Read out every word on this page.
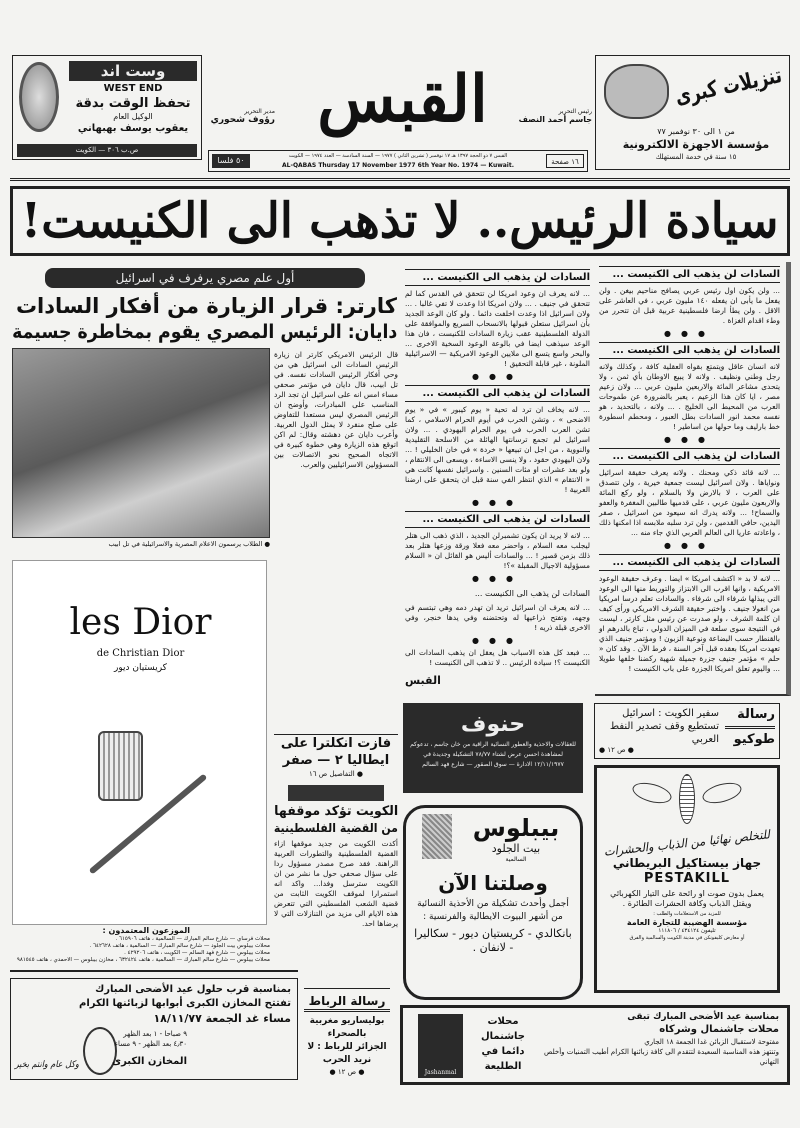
وست اند
WEST END
تحفظ الوقت بدقة
الوكيل العام
يعقوب يوسف بهبهاني
ص.ب ٣٠٦ — الكويت
مدير التحرير
رؤوف شحوري القبس	رئيس التحرير
جاسم أحمد النصف
٥٠ فلسا	١٦ صفحة
القبس ٧ ذو الحجة ١٣٩٧ هـ ١٧ نوفمبر ( تشرين الثاني ) ١٩٧٧ — السنة السادسة — العدد ١٩٧٤ — الكويت
AL-QABAS Thursday 17 November 1977 6th Year No. 1974 — Kuwait.
تنزيلات كبرى
من ١ الى ٣٠ نوفمبر ٧٧
مؤسسة الاجهزة الالكترونية
١٥ سنة في خدمة المستهلك
سيادة الرئيس.. لا تذهب الى الكنيست!
أول علم مصري يرفرف في اسرائيل
كارتر: قرار الزيارة من أفكار السادات
دايان: الرئيس المصري يقوم بمخاطرة جسيمة
● الطلاب يرسمون الاعلام المصرية والاسرائيلية في تل ابيب
قال الرئيس الامريكي كارتر ان زيارة الرئيس السادات الى اسرائيل هي من وحي أفكار الرئيس السادات نفسه. في تل ابيب، قال دايان في مؤتمر صحفي مساء امس انه على اسرائيل ان تجد الرد المناسب على المبادرات، وأوضح ان الرئيس المصري ليس مستعدا للتفاوض على صلح منفرد لا يمثل الدول العربية. وأعرب دايان عن دهشته وقال: لم اكن اتوقع هذه الزيارة وهي خطوة كبيرة في الاتجاه الصحيح نحو الاتصالات بين المسؤولين الاسرائيليين والعرب.
فازت انكلترا على
ايطاليا ٢ — صفر
● التفاصيل ص ١٦
الكويت تؤكد موقفها
من القضية الفلسطينية
أكدت الكويت من جديد موقفها ازاء القضية الفلسطينية والتطورات العربية الراهنة. فقد صرح مصدر مسؤول ردا على سؤال صحفي حول ما نشر من ان الكويت سترسل وفدا... واكد انه استمرارا لموقف الكويت الثابت من قضية الشعب الفلسطيني التي تتعرض هذه الايام الى مزيد من التنازلات التي لا يرضاها احد.
les Dior
de Christian Dior
كريستيان ديور
الموزعون المعتمدون :
محلات فرساي — شارع سالم المبارك — السالمية ، هاتف ٦١٥٩٠٦ .
محلات بيبلوس بيت الجلود — شارع سالم المبارك — السالمية ، هاتف ٦٤٢٦٢٨ .
محلات بيبلوس — شارع فهد السالم — الكويت ، هاتف ٤٢٩٢٠٦ .
محلات بيبلوس — شارع سالم المبارك — السالمية ، هاتف ٦٣٢٤٢٤ ، مخازن بيبلوس — الاحمدي ، هاتف ٩٨١٥٤٥
السادات لن يذهب الى الكنيست ...
... لانه يعرف ان وعود امريكا لن تتحقق في القدس كما لم تتحقق في جنيف . ... ولان امريكا اذا وعدت لا تفي غالبا . ... ولان اسرائيل اذا وعدت اخلفت دائما . ولو كان الوعد الجديد بأن اسرائيل ستعلن قبولها بالانسحاب السريع والموافقة على الدولة الفلسطينية عقب زيارة السادات للكنيست ، فان هذا الوعد سيذهب ايضا في بالوعة الوعود السخية الاخرى ... والبحر واسع يتسع الى ملايين الوعود الامريكية — الاسرائيلية الملونة ، غير قابلة التحقيق !
●●●
السادات لن يذهب الى الكنيست ...
... لانه يخاف ان ترد له تحية « يوم كيبور » في « يوم الاضحى » ، وتشن الحرب في أيوم الحرام الاسلامي ، كما تشن العرب الحرب في يوم الحرام اليهودي . ... ولان اسرائيل لم تجمع ترسانتها الهائلة من الاسلحة التقليدية والنووية ، من اجل ان تبيعها « خردة » في خان الخليلي ! ... ولان اليهودي حقود ، ولا ينسى الاساءة ، ويسعى الى الانتقام ، ولو بعد عشرات او مئات السنين . واسرائيل نفسها كانت هي « الانتقام » الذي انتظر الفي سنة قبل ان يتحقق على ارضنا العربية !
●●●
السادات لن يذهب الى الكنيست ...
... لانه لا يريد ان يكون تشمبرلن الجديد ، الذي ذهب الى هتلر ليجلب معه السلام ، واحضر معه فعلا ورقة وزعها هتلر بعد ذلك بزمن قصير ! ... والسادات أليس هو القائل ان « السلام مسؤولية الاجيال المقبلة »؟!
●●●
السادات لن يذهب الى الكنيست ...
... لانه يعرف ان اسرائيل تريد ان تهدر دمه وهي تبتسم في وجهه، وتفتح ذراعيها له وتحتضنه وفي يدها خنجر، وفي الاخرى قبلة ذريه !
●●●
... فبعد كل هذه الاسباب هل يعقل ان يذهب السادات الى الكنيست ؟! سيادة الرئيس .. لا تذهب الى الكنيست !
القبس
السادات لن يذهب الى الكنيست ...
... ولن يكون اول رئيس عربي يصافح مناحيم بيغن . ولن يفعل ما يأبى ان يفعله ١٤٠ مليون عربي ، في العاشر على الاقل . ولن يطأ ارضا فلسطينية عربية قبل ان تتحرر من وطء اقدام الغزاة .
●●●
السادات لن يذهب الى الكنيست ...
لانه انسان عاقل ويتمتع بقواه العقلية كافة ، وكذلك ولانه رجل وطني ونظيف . ولانه لا يبيع الاوطان بأي ثمن ، ولا يتحدى مشاعر المائة والاربعين مليون عربي ... ولان زعيم مصر ، ايا كان هذا الزعيم ، يعبر بالضرورة عن طموحات العرب من المحيط الى الخليج . ... ولانه ، بالتحديد ، هو نفسه محمد انور السادات بطل العبور ، ومحطم اسطورة خط بارليف وما حولها من اساطير !
●●●
السادات لن يذهب الى الكنيست ...
... لانه قائد ذكي ومحنك . ولانه يعرف حقيقة اسرائيل ونواياها . ولان اسرائيل ليست جمعية خيرية ، ولن تتصدق على العرب ، لا بالارض ولا بالسلام ، ولو ركع المائة والاربعون مليون عربي ، على قدميها طالبين المغفرة والعفو والسماح! ... ولانه يدرك انه سيعود من اسرائيل ، صفر اليدين، حافي القدمين ، ولن ترد سلبه ملابسه اذا امكنها ذلك ، واعادته عاريا الى العالم العربي الذي جاء منه ...
●●●
السادات لن يذهب الى الكنيست ...
... لانه لا بد « اكتشف امريكا » ايضا . وعرف حقيقة الوعود الامريكية ، وانها اقرب الى الابتزاز والتوريط منها الى الوعود التي يبذلها شرفاء الى شرفاء . والسادات تعلم درسا امريكيا من انغولا جنيف . واختبر حقيقة الشرف الامريكي ورأى كيف ان كلمة الشرف ، ولو صدرت عن رئيس مثل كارتر ، ليست في النتيجة سوى سلعة في الميزان الدولي ، تباع بالدرهم او بالقنطار حسب البضاعة ونوعية الزبون ! ومؤتمر جنيف الذي تعهدت امريكا بعقده قبل آخر السنة ، فرط الآن . وقد كان « حلم » مؤتمر جنيف جزرة جميلة شهية ركضنا خلفها طويلا ... واليوم تعلق امريكا الجزرة على باب الكنيست !
حنوف
للعقالات والاحذية والعطور النسائية الراقية من خان جاسم ، تدعوكم لمشاهدة احسن عرض لشتاء ٧٨/٧٧ التشكيلة وجديدة في ١٢/١١/١٩٧٧ الادارة — سوق الصقور — شارع فهد السالم
رسالة
طوكيو
سفير الكويت : اسرائيل تستطيع وقف تصدير النفط العربي
● ص ١٢ ●
بيبلوس
بيت الجلود
السالمية
وصلتنا الآن
أجمل وأحدث تشكيلة من الأحذية النسائية من أشهر البيوت الايطالية والفرنسية :
بانكالدي - كريستيان ديور - سكاليرا - لانفان .
للتخلص نهائيا من الذباب والحشرات
جهاز بيستاكيل البريطاني
PESTAKILL
يعمل بدون صوت او رائحة على التيار الكهربائي ويقتل الذباب وكافة الحشرات الطائرة .
للمزيد من الاستعلامات والطلب :
مؤسسة الهضيبة للتجارة العامة
تليفون ٤٣٤١٢٤ / ١١١٨٠٦
أو معارض كليفونكن في مدينة الكويت والسالمية والفرق
بمناسبة قرب حلول عيد الأضحى المبارك
تفتتح المخازن الكبرى أبوابها لزبائنها الكرام
مساء غد الجمعة ١٨/١١/٧٧
٩ صباحا - ١ بعد الظهر
٤٫٣٠ بعد الظهر - ٩ مساء
المخازن الكبرى
وكل عام وانتم بخير
رسالة الرباط
بوليساريو مغربية بالصحراء
الجزائر للرباط : لا نريد الحرب
● ص ١٢ ●	Jashanmal
محلات جاشنمال دائما في الطليعة
بمناسبة عيد الأضحى المبارك تبقى
محلات جاشنمال وشركاه
مفتوحة لاستقبال الزبائن غدا الجمعة ١٨ الجاري
وتنتهز هذه المناسبة السعيدة لتتقدم الى كافة زبائنها الكرام أطيب التمنيات وأخلص التهاني
